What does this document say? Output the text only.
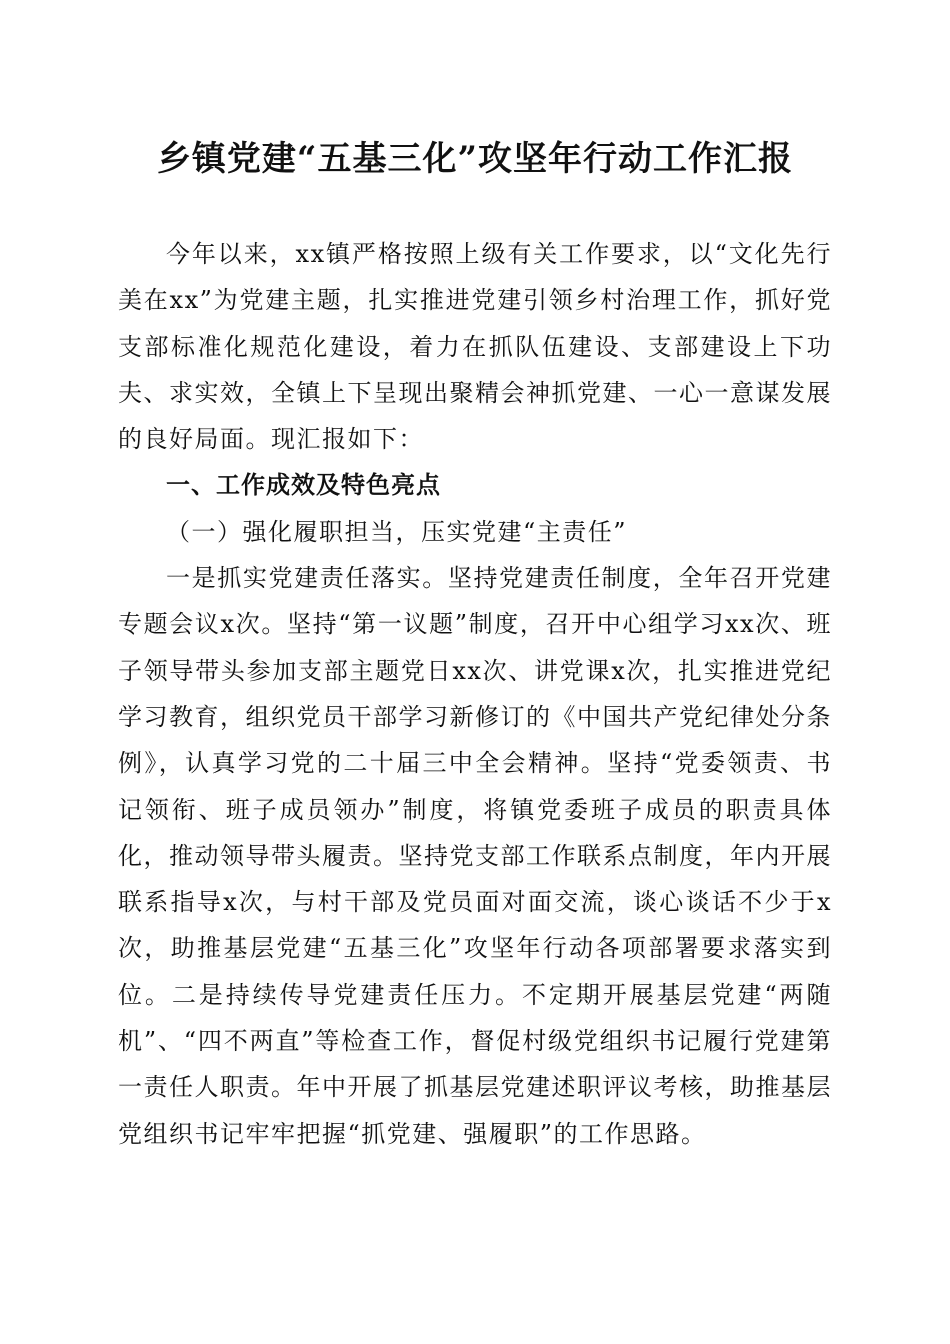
乡镇党建“五基三化”攻坚年行动工作汇报

今年以来，xx镇严格按照上级有关工作要求，以“文化先行美在xx”为党建主题，扎实推进党建引领乡村治理工作，抓好党支部标准化规范化建设，着力在抓队伍建设、支部建设上下功夫、求实效，全镇上下呈现出聚精会神抓党建、一心一意谋发展的良好局面。现汇报如下：

一、工作成效及特色亮点

（一）强化履职担当，压实党建“主责任”

一是抓实党建责任落实。坚持党建责任制度，全年召开党建专题会议x次。坚持“第一议题”制度，召开中心组学习xx次、班子领导带头参加支部主题党日xx次、讲党课x次，扎实推进党纪学习教育，组织党员干部学习新修订的《中国共产党纪律处分条例》，认真学习党的二十届三中全会精神。坚持“党委领责、书记领衔、班子成员领办”制度，将镇党委班子成员的职责具体化，推动领导带头履责。坚持党支部工作联系点制度，年内开展联系指导x次，与村干部及党员面对面交流，谈心谈话不少于x次，助推基层党建“五基三化”攻坚年行动各项部署要求落实到位。二是持续传导党建责任压力。不定期开展基层党建“两随机”、“四不两直”等检查工作，督促村级党组织书记履行党建第一责任人职责。年中开展了抓基层党建述职评议考核，助推基层党组织书记牢牢把握“抓党建、强履职”的工作思路。
